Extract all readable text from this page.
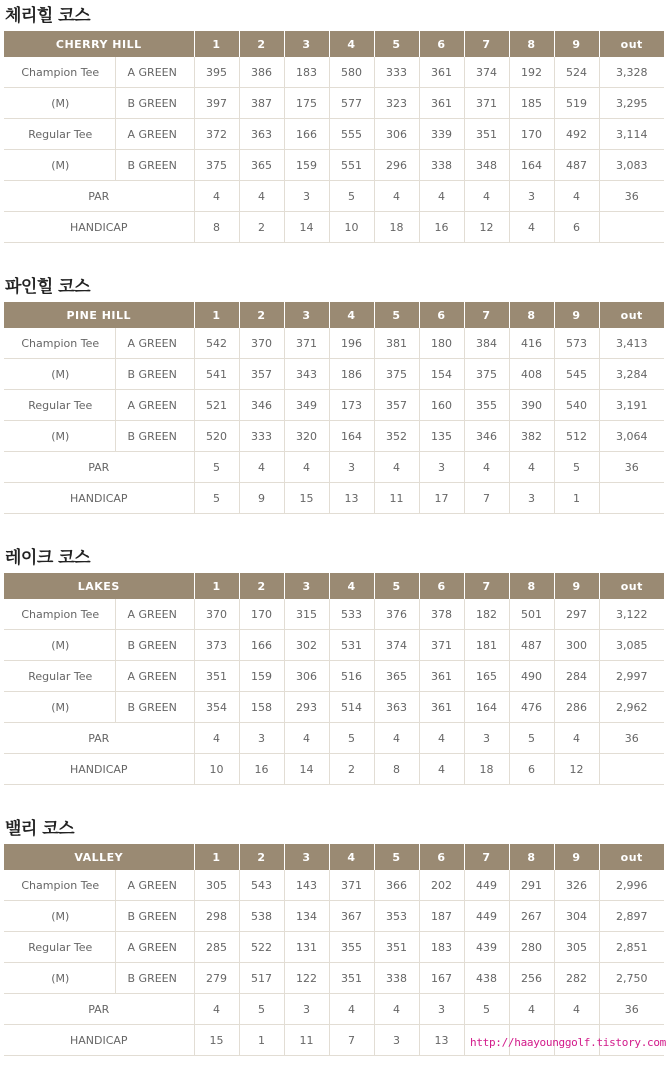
체리힐 코스
CHERRY HILL		1	2	3	4	5	6	7	8	9	out
Champion Tee	A GREEN	395	386	183	580	333	361	374	192	524	3,328
(M)	B GREEN	397	387	175	577	323	361	371	185	519	3,295
Regular Tee	A GREEN	372	363	166	555	306	339	351	170	492	3,114
(M)	B GREEN	375	365	159	551	296	338	348	164	487	3,083
PAR		4	4	3	5	4	4	4	3	4	36
HANDICAP		8	2	14	10	18	16	12	4	6	
파인힐 코스
PINE HILL		1	2	3	4	5	6	7	8	9	out
Champion Tee	A GREEN	542	370	371	196	381	180	384	416	573	3,413
(M)	B GREEN	541	357	343	186	375	154	375	408	545	3,284
Regular Tee	A GREEN	521	346	349	173	357	160	355	390	540	3,191
(M)	B GREEN	520	333	320	164	352	135	346	382	512	3,064
PAR		5	4	4	3	4	3	4	4	5	36
HANDICAP		5	9	15	13	11	17	7	3	1	
레이크 코스
LAKES		1	2	3	4	5	6	7	8	9	out
Champion Tee	A GREEN	370	170	315	533	376	378	182	501	297	3,122
(M)	B GREEN	373	166	302	531	374	371	181	487	300	3,085
Regular Tee	A GREEN	351	159	306	516	365	361	165	490	284	2,997
(M)	B GREEN	354	158	293	514	363	361	164	476	286	2,962
PAR		4	3	4	5	4	4	3	5	4	36
HANDICAP		10	16	14	2	8	4	18	6	12	
밸리 코스
VALLEY		1	2	3	4	5	6	7	8	9	out
Champion Tee	A GREEN	305	543	143	371	366	202	449	291	326	2,996
(M)	B GREEN	298	538	134	367	353	187	449	267	304	2,897
Regular Tee	A GREEN	285	522	131	355	351	183	439	280	305	2,851
(M)	B GREEN	279	517	122	351	338	167	438	256	282	2,750
PAR		4	5	3	4	4	3	5	4	4	36
HANDICAP		15	1	11	7	3	13				http://haayounggolf.tistory.com
